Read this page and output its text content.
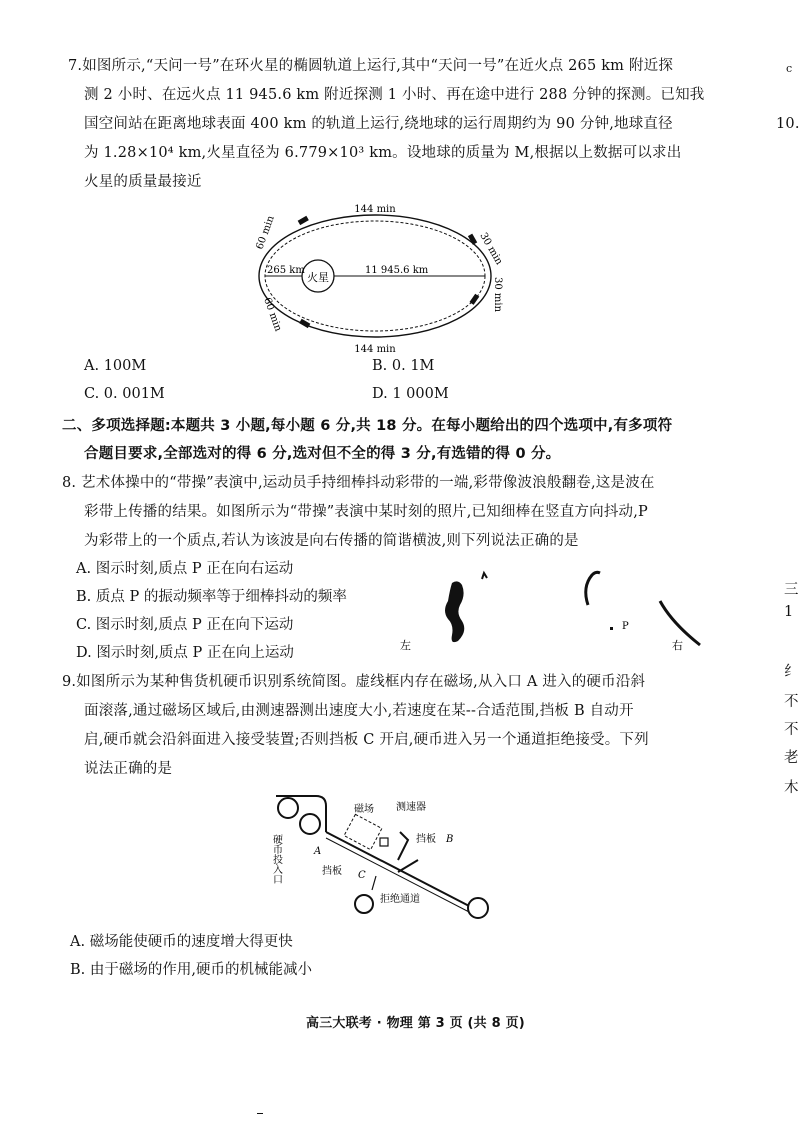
7.如图所示,“天问一号”在环火星的椭圆轨道上运行,其中“天问一号”在近火点 265 km 附近探
测 2 小时、在远火点 11 945.6 km 附近探测 1 小时、再在途中进行 288 分钟的探测。已知我
国空间站在距离地球表面 400 km 的轨道上运行,绕地球的运行周期约为 90 分钟,地球直径
为 1.28×10⁴ km,火星直径为 6.779×10³ km。设地球的质量为 M,根据以上数据可以求出
火星的质量最接近
火星
265 km	11 945.6 km
144 min
144 min
60 min
60 min
30 min
30 min
A. 100M	B. 0. 1M
C. 0. 001M	D. 1 000M
二、多项选择题:本题共 3 小题,每小题 6 分,共 18 分。在每小题给出的四个选项中,有多项符
合题目要求,全部选对的得 6 分,选对但不全的得 3 分,有选错的得 0 分。
8. 艺术体操中的“带操”表演中,运动员手持细棒抖动彩带的一端,彩带像波浪般翻卷,这是波在
彩带上传播的结果。如图所示为“带操”表演中某时刻的照片,已知细棒在竖直方向抖动,P
为彩带上的一个质点,若认为该波是向右传播的简谐横波,则下列说法正确的是
A. 图示时刻,质点 P 正在向右运动
B. 质点 P 的振动频率等于细棒抖动的频率
C. 图示时刻,质点 P 正在向下运动
D. 图示时刻,质点 P 正在向上运动
P
左	右
9.如图所示为某种售货机硬币识别系统简图。虚线框内存在磁场,从入口 A 进入的硬币沿斜
面滚落,通过磁场区域后,由测速器测出速度大小,若速度在某--合适范围,挡板 B 自动开
启,硬币就会沿斜面进入接受装置;否则挡板 C 开启,硬币进入另一个通道拒绝接受。下列
说法正确的是
磁场 测速器
挡板 B
挡板 C
A
拒绝通道
硬币投入口
A. 磁场能使硬币的速度增大得更快
B. 由于磁场的作用,硬币的机械能减小
高三大联考 · 物理 第 3 页 (共 8 页)
c
10.
三
1
纟
不
不
老
木
